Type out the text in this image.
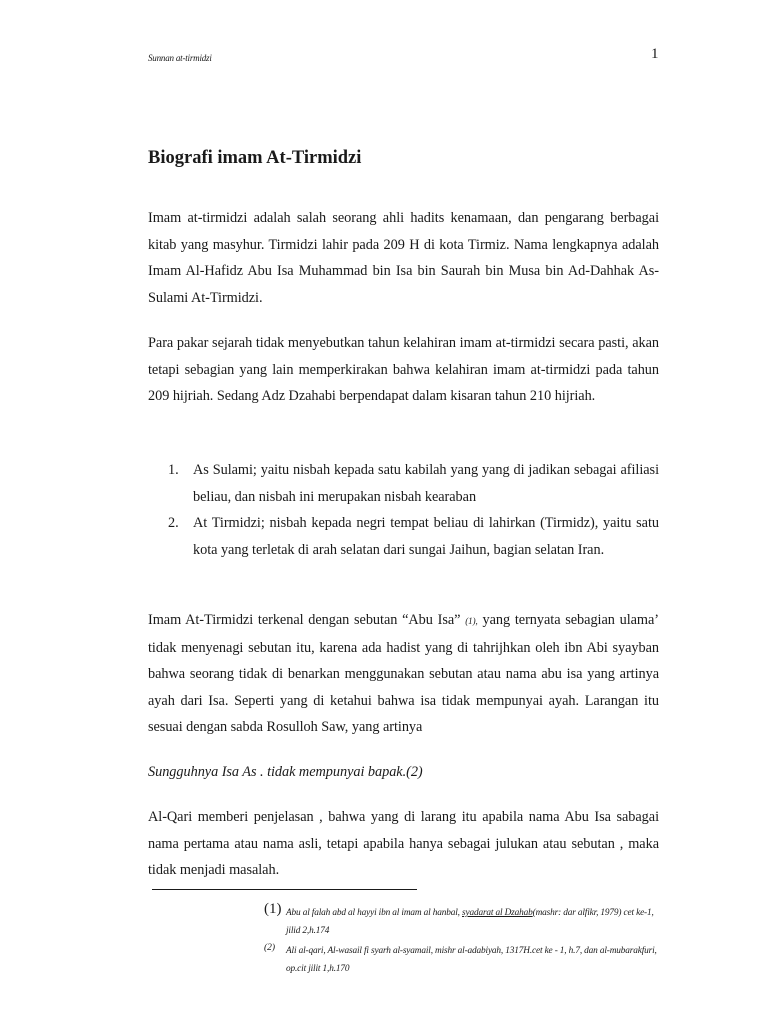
Sunnan at-tirmidzi	1
Biografi imam At-Tirmidzi

Imam at-tirmidzi adalah salah seorang ahli hadits kenamaan, dan pengarang berbagai kitab yang masyhur. Tirmidzi lahir pada 209 H di kota Tirmiz. Nama lengkapnya adalah Imam Al-Hafidz Abu Isa Muhammad bin Isa bin Saurah bin Musa bin Ad-Dahhak As-Sulami At-Tirmidzi.

Para pakar sejarah tidak menyebutkan tahun kelahiran imam at-tirmidzi secara pasti, akan tetapi sebagian yang lain memperkirakan bahwa kelahiran imam at-tirmidzi pada tahun 209 hijriah. Sedang Adz Dzahabi berpendapat dalam kisaran tahun 210 hijriah.

1. As Sulami; yaitu nisbah kepada satu kabilah yang yang di jadikan sebagai afiliasi beliau, dan nisbah ini merupakan nisbah kearaban

2. At Tirmidzi; nisbah kepada negri tempat beliau di lahirkan (Tirmidz), yaitu satu kota yang terletak di arah selatan dari sungai Jaihun, bagian selatan Iran.

Imam At-Tirmidzi terkenal dengan sebutan “Abu Isa” (1), yang ternyata sebagian ulama’ tidak menyenagi sebutan itu, karena ada hadist yang di tahrijhkan oleh ibn Abi syayban bahwa seorang tidak di benarkan menggunakan sebutan atau nama abu isa yang artinya ayah dari Isa. Seperti yang di ketahui bahwa isa tidak mempunyai ayah. Larangan itu sesuai dengan sabda Rosulloh Saw, yang artinya

Sungguhnya Isa As . tidak mempunyai bapak.(2)

Al-Qari memberi penjelasan , bahwa yang di larang itu apabila nama Abu Isa sabagai nama pertama atau nama asli, tetapi apabila hanya sebagai julukan atau sebutan , maka tidak menjadi masalah.

(1) Abu al falah abd al hayyi ibn al imam al hanbal, syadarat al Dzahab(mashr: dar alfikr, 1979) cet ke-1, jilid 2,h.174
(2) Ali al-qari, Al-wasail fi syarh al-syamail, mishr al-adabiyah, 1317H.cet ke - 1, h.7, dan al-mubarakfuri, op.cit jilit 1,h.170
